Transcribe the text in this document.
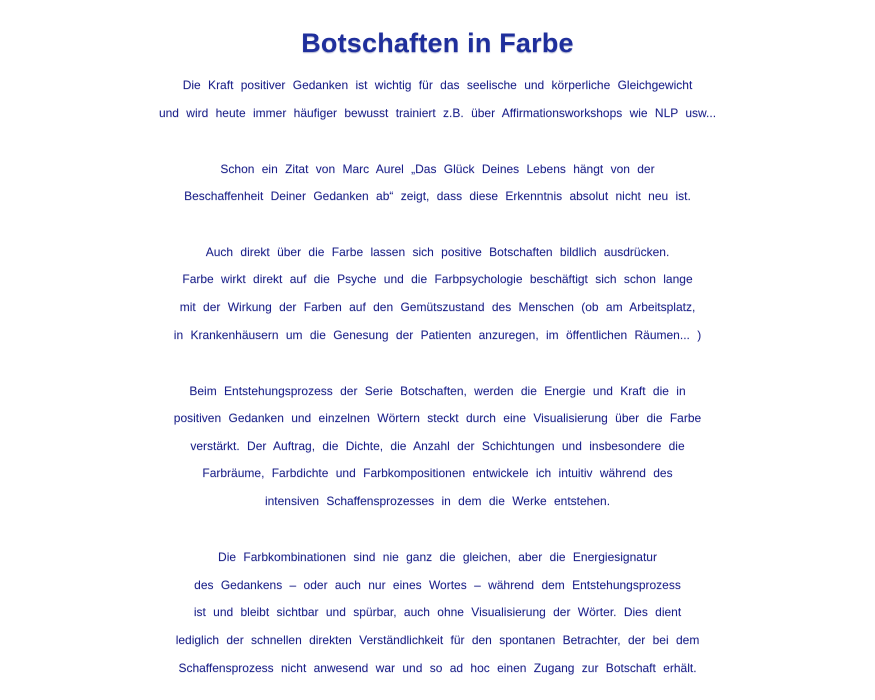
Botschaften in Farbe
Die Kraft positiver Gedanken ist wichtig für das seelische und körperliche Gleichgewicht
und wird heute immer häufiger bewusst trainiert z.B. über Affirmationsworkshops wie NLP usw...
Schon ein Zitat von Marc Aurel „Das Glück Deines Lebens hängt von der
Beschaffenheit Deiner Gedanken ab“ zeigt, dass diese Erkenntnis absolut nicht neu ist.
Auch direkt über die Farbe lassen sich positive Botschaften bildlich ausdrücken.
Farbe wirkt direkt auf die Psyche und die Farbpsychologie beschäftigt sich schon lange
mit der Wirkung der Farben auf den Gemütszustand des Menschen (ob am Arbeitsplatz,
in Krankenhäusern um die Genesung der Patienten anzuregen, im öffentlichen Räumen... )
Beim Entstehungsprozess der Serie Botschaften, werden die Energie und Kraft die in
positiven Gedanken und einzelnen Wörtern steckt durch eine Visualisierung über die Farbe
verstärkt. Der Auftrag, die Dichte, die Anzahl der Schichtungen und insbesondere die
Farbräume, Farbdichte und Farbkompositionen entwickele ich intuitiv während des
intensiven Schaffensprozesses in dem die Werke entstehen.
Die Farbkombinationen sind nie ganz die gleichen, aber die Energiesignatur
des Gedankens – oder auch nur eines Wortes – während dem Entstehungsprozess
ist und bleibt sichtbar und spürbar, auch ohne Visualisierung der Wörter. Dies dient
lediglich der schnellen direkten Verständlichkeit für den spontanen Betrachter, der bei dem
Schaffensprozess nicht anwesend war und so ad hoc einen Zugang zur Botschaft erhält.
